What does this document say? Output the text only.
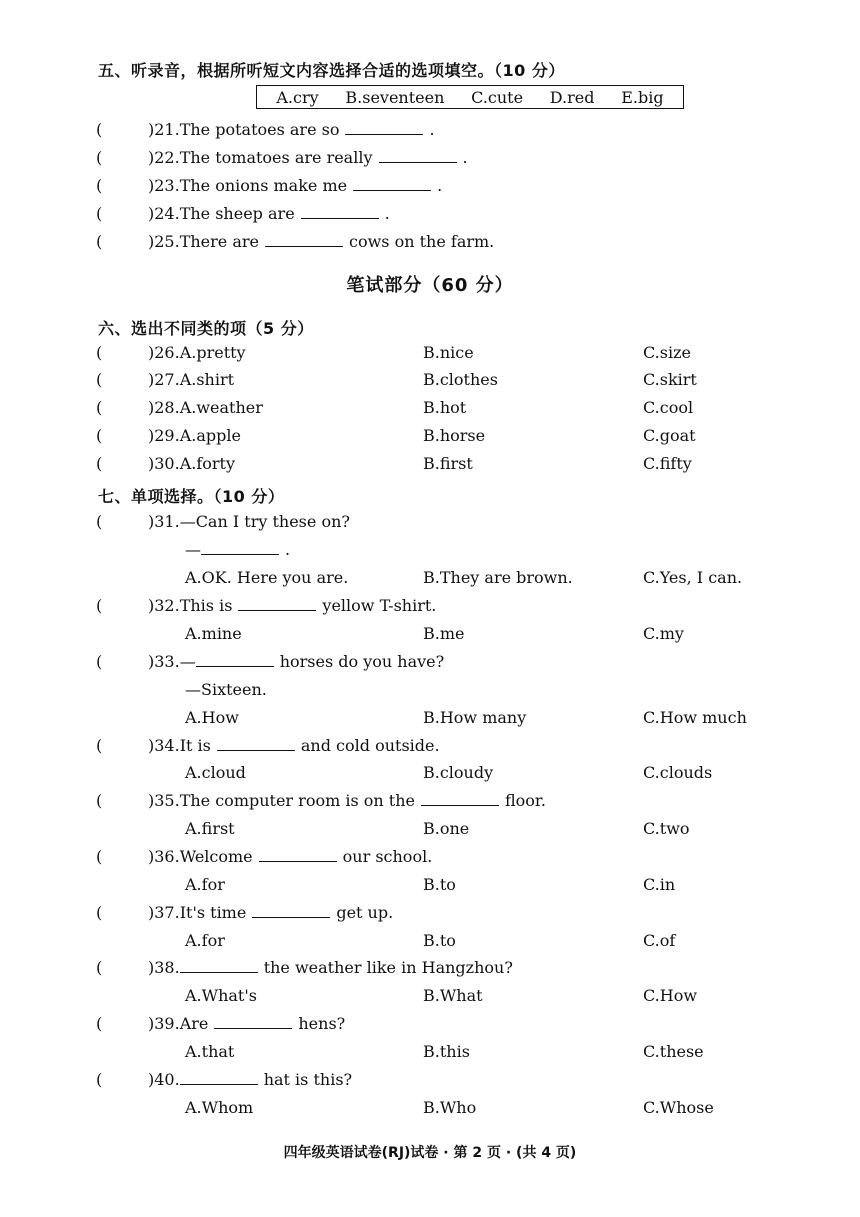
五、听录音，根据所听短文内容选择合适的选项填空。（10 分）
A.cry B.seventeen C.cute D.red E.big
(	)21.The potatoes are so	.
(	)22.The tomatoes are really	.
(	)23.The onions make me	.
(	)24.The sheep are	.
(	)25.There are	cows on the farm.
笔试部分（60 分）
六、选出不同类的项（5 分）
(	)26.A.pretty	B.nice	C.size
(	)27.A.shirt	B.clothes	C.skirt
(	)28.A.weather	B.hot	C.cool
(	)29.A.apple	B.horse	C.goat
(	)30.A.forty	B.first	C.fifty
七、单项选择。（10 分）
(	)31.—Can I try these on?
—	.
A.OK. Here you are.	B.They are brown.	C.Yes, I can.
(	)32.This is	yellow T-shirt.
A.mine	B.me	C.my
(	)33.—	horses do you have?
—Sixteen.
A.How	B.How many	C.How much
(	)34.It is	and cold outside.
A.cloud	B.cloudy	C.clouds
(	)35.The computer room is on the	floor.
A.first	B.one	C.two
(	)36.Welcome	our school.
A.for	B.to	C.in
(	)37.It's time	get up.
A.for	B.to	C.of
(	)38.	the weather like in Hangzhou?
A.What's	B.What	C.How
(	)39.Are	hens?
A.that	B.this	C.these
(	)40.	hat is this?
A.Whom	B.Who	C.Whose
四年级英语试卷(RJ)试卷 · 第 2 页 · (共 4 页)
